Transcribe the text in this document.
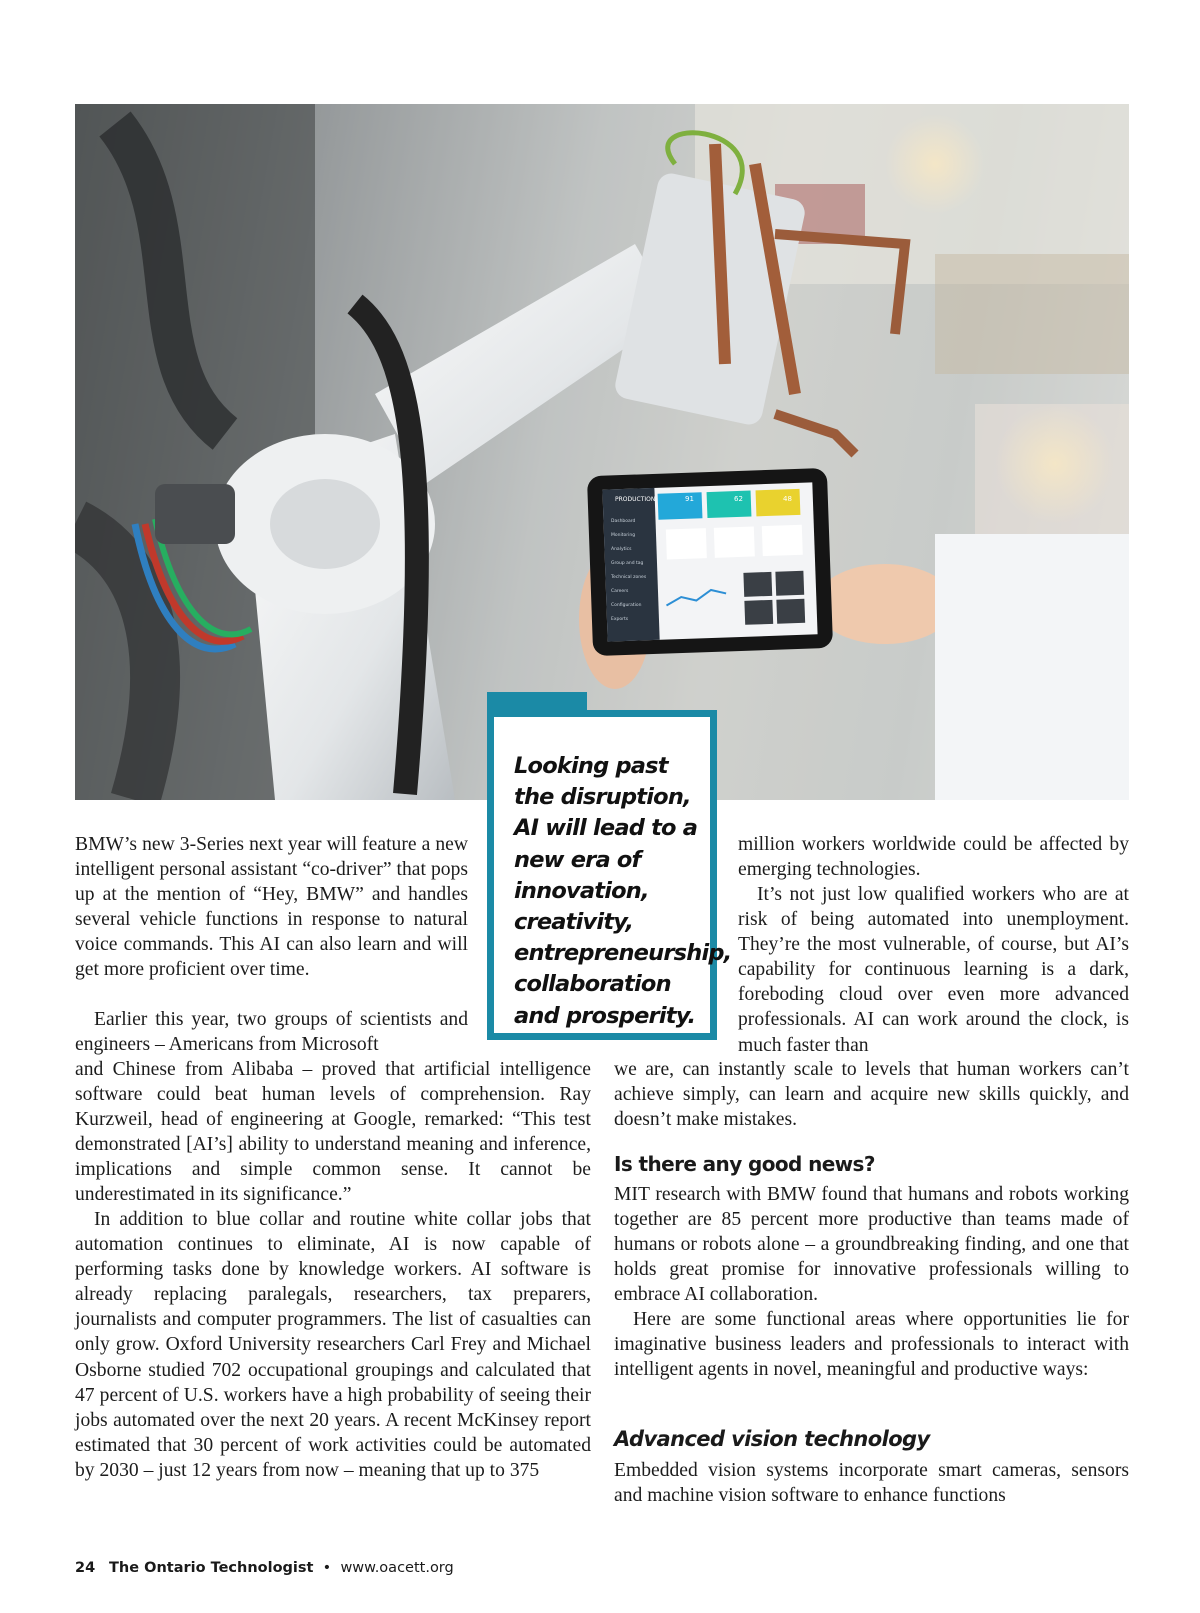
PRODUCTION
Dashboard
Monitoring
Analytics
Group and tag
Technical zones
Careers
Configuration
Exports
91	62	48

Looking past the disruption, AI will lead to a new era of innovation, creativity, entrepreneurship, collaboration and prosperity.

BMW’s new 3-Series next year will feature a new intelligent personal assistant “co-driver” that pops up at the mention of “Hey, BMW” and handles several vehicle functions in response to natural voice commands. This AI can also learn and will get more proficient over time.

Earlier this year, two groups of scientists and engineers – Americans from Microsoft

and Chinese from Alibaba – proved that artificial intelligence software could beat human levels of comprehension. Ray Kurzweil, head of engineering at Google, remarked: “This test demonstrated [AI’s] ability to understand meaning and inference, implications and simple common sense. It cannot be underestimated in its significance.”

In addition to blue collar and routine white collar jobs that automation continues to eliminate, AI is now capable of performing tasks done by knowledge workers. AI software is already replacing paralegals, researchers, tax preparers, journalists and computer programmers. The list of casualties can only grow. Oxford University researchers Carl Frey and Michael Osborne studied 702 occupational groupings and calculated that 47 percent of U.S. workers have a high probability of seeing their jobs automated over the next 20 years. A recent McKinsey report estimated that 30 percent of work activities could be automated by 2030 – just 12 years from now – meaning that up to 375

million workers worldwide could be affected by emerging technologies.

It’s not just low qualified workers who are at risk of being automated into unemployment. They’re the most vulnerable, of course, but AI’s capability for continuous learning is a dark, foreboding cloud over even more advanced professionals. AI can work around the clock, is much faster than

we are, can instantly scale to levels that human workers can’t achieve simply, can learn and acquire new skills quickly, and doesn’t make mistakes.

Is there any good news?

MIT research with BMW found that humans and robots working together are 85 percent more productive than teams made of humans or robots alone – a groundbreaking finding, and one that holds great promise for innovative professionals willing to embrace AI collaboration.

Here are some functional areas where opportunities lie for imaginative business leaders and professionals to interact with intelligent agents in novel, meaningful and productive ways:

Advanced vision technology

Embedded vision systems incorporate smart cameras, sensors and machine vision software to enhance functions

24 The Ontario Technologist • www.oacett.org
